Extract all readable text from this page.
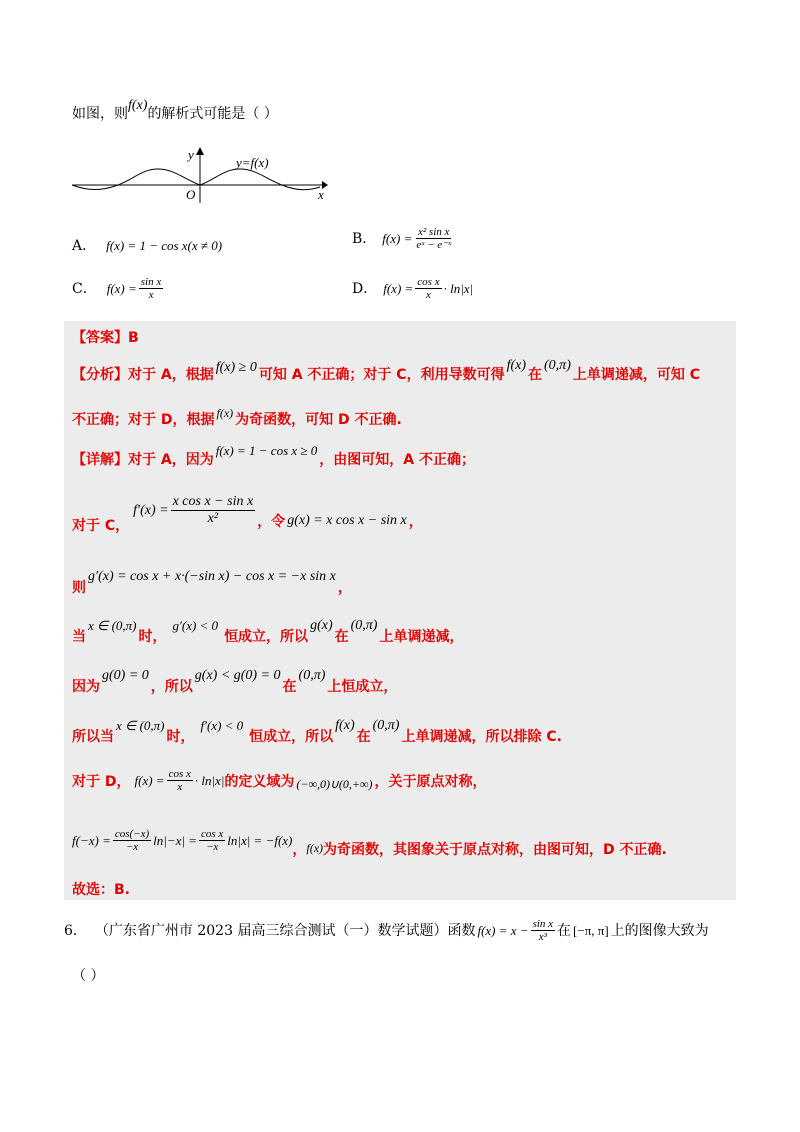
如图，则
f(x)
的解析式可能是（ ）
y
x
O
y=f(x)
A． f(x) = 1 − cos x(x ≠ 0)	B． $f(x) = \frac{\text{x² sin x}}{\text{eˣ − e⁻ˣ}}$
C． $f(x) = \frac{\text{sin x}}{x}$	D． $f(x) = \frac{\text{cos x}}{x} \cdot \ln|x|$
【答案】B
【分析】 对于 A，根据 f(x) ≥ 0 可知 A 不正确；对于 C，利用导数可得
f(x)
在
(0,π)
上单调递减，可知 C
不正确；对于 D，根据 f(x) 为奇函数，可知 D 不正确.
【详解】 对于 A，因为
f(x) = 1 − cos x ≥ 0
，由图可知，A 不正确；
对于 C，
$f'(x) = \frac{\text{x cos x − sin x}}{\text{x²}}$ ，令 g(x) = x cos x − sin x ，
则
g′(x) = cos x + x·(−sin x) − cos x = −x sin x
，
当
x ∈ (0,π)
时，
g′(x) < 0
恒成立，所以
g(x)
在
(0,π)
上单调递减，
因为
g(0) = 0
，所以
g(x) < g(0) = 0
在
(0,π)
上恒成立，
所以当
x ∈ (0,π)
时，
f′(x) < 0
恒成立，所以
f(x)
在
(0,π)
上单调递减，所以排除 C.
对于 D， $f(x) = \frac{\text{cos x}}{x} \cdot \ln|x|$ 的定义域为 (−∞,0)∪(0,+∞) ，关于原点对称，
$f(-x) = \frac{\cos(-x)}{-x} \ln|-x| = \frac{\text{cos x}}{-x} \ln|x| = -f(x)$
， f(x) 为奇函数，其图象关于原点对称，由图可知，D 不正确.
故选：B.
6． （广东省广州市 2023 届高三综合测试（一）数学试题）函数 $f(x) = x - \frac{\text{sin x}}{\text{x³}}$ 在 [−π, π] 上的图像大致为
（ ）
